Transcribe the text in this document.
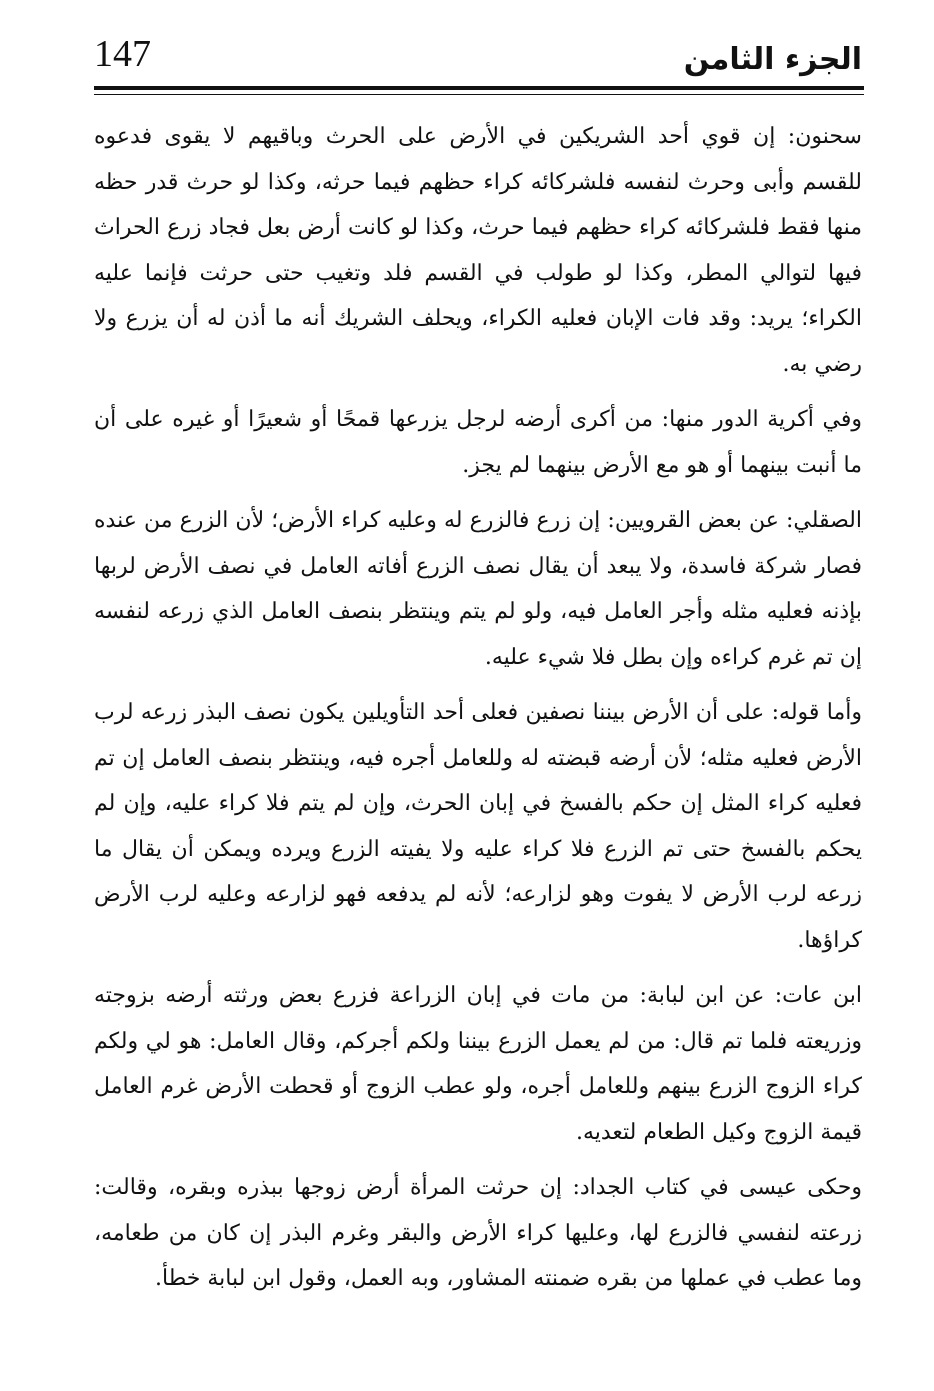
147	الجزء الثامن

سحنون: إن قوي أحد الشريكين في الأرض على الحرث وباقيهم لا يقوى فدعوه للقسم وأبى وحرث لنفسه فلشركائه كراء حظهم فيما حرثه، وكذا لو حرث قدر حظه منها فقط فلشركائه كراء حظهم فيما حرث، وكذا لو كانت أرض بعل فجاد زرع الحراث فيها لتوالي المطر، وكذا لو طولب في القسم فلد وتغيب حتى حرثت فإنما عليه الكراء؛ يريد: وقد فات الإبان فعليه الكراء، ويحلف الشريك أنه ما أذن له أن يزرع ولا رضي به.

وفي أكرية الدور منها: من أكرى أرضه لرجل يزرعها قمحًا أو شعيرًا أو غيره على أن ما أنبت بينهما أو هو مع الأرض بينهما لم يجز.

الصقلي: عن بعض القرويين: إن زرع فالزرع له وعليه كراء الأرض؛ لأن الزرع من عنده فصار شركة فاسدة، ولا يبعد أن يقال نصف الزرع أفاته العامل في نصف الأرض لربها بإذنه فعليه مثله وأجر العامل فيه، ولو لم يتم وينتظر بنصف العامل الذي زرعه لنفسه إن تم غرم كراءه وإن بطل فلا شيء عليه.

وأما قوله: على أن الأرض بيننا نصفين فعلى أحد التأويلين يكون نصف البذر زرعه لرب الأرض فعليه مثله؛ لأن أرضه قبضته له وللعامل أجره فيه، وينتظر بنصف العامل إن تم فعليه كراء المثل إن حكم بالفسخ في إبان الحرث، وإن لم يتم فلا كراء عليه، وإن لم يحكم بالفسخ حتى تم الزرع فلا كراء عليه ولا يفيته الزرع ويرده ويمكن أن يقال ما زرعه لرب الأرض لا يفوت وهو لزارعه؛ لأنه لم يدفعه فهو لزارعه وعليه لرب الأرض كراؤها.

ابن عات: عن ابن لبابة: من مات في إبان الزراعة فزرع بعض ورثته أرضه بزوجته وزريعته فلما تم قال: من لم يعمل الزرع بيننا ولكم أجركم، وقال العامل: هو لي ولكم كراء الزوج الزرع بينهم وللعامل أجره، ولو عطب الزوج أو قحطت الأرض غرم العامل قيمة الزوج وكيل الطعام لتعديه.

وحكى عيسى في كتاب الجداد: إن حرثت المرأة أرض زوجها ببذره وبقره، وقالت: زرعته لنفسي فالزرع لها، وعليها كراء الأرض والبقر وغرم البذر إن كان من طعامه، وما عطب في عملها من بقره ضمنته المشاور، وبه العمل، وقول ابن لبابة خطأ.
